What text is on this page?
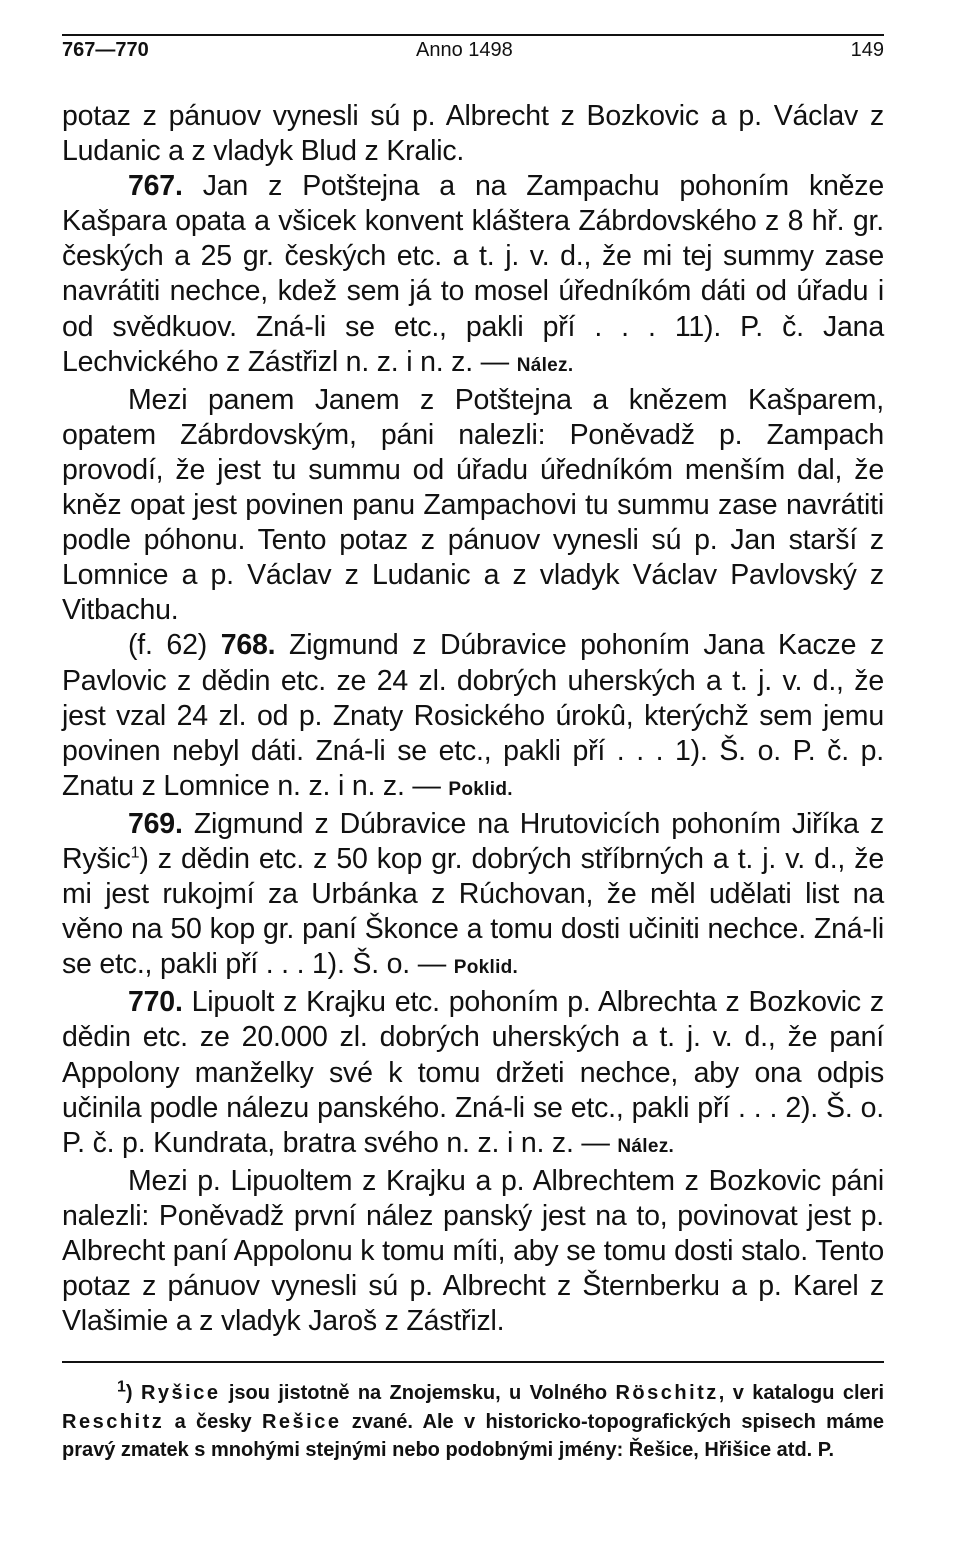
767—770	Anno 1498	149

potaz z pánuov vynesli sú p. Albrecht z Bozkovic a p. Václav z Ludanic a z vladyk Blud z Kralic.

767. Jan z Potštejna a na Zampachu pohoním kněze Kašpara opata a všicek konvent kláštera Zábrdovského z 8 hř. gr. českých a 25 gr. českých etc. a t. j. v. d., že mi tej summy zase navrátiti nechce, kdež sem já to mosel úředníkóm dáti od úřadu i od svědkuov. Zná-li se etc., pakli pří . . . 11). P. č. Jana Lechvického z Zástřizl n. z. i n. z. — Nález.

Mezi panem Janem z Potštejna a knězem Kašparem, opatem Zábrdovským, páni nalezli: Poněvadž p. Zampach provodí, že jest tu summu od úřadu úředníkóm menším dal, že kněz opat jest povinen panu Zampachovi tu summu zase navrátiti podle póhonu. Tento potaz z pánuov vynesli sú p. Jan starší z Lomnice a p. Václav z Ludanic a z vladyk Václav Pavlovský z Vitbachu.

(f. 62) 768. Zigmund z Dúbravice pohoním Jana Kacze z Pavlovic z dědin etc. ze 24 zl. dobrých uherských a t. j. v. d., že jest vzal 24 zl. od p. Znaty Rosického úrokû, kterýchž sem jemu povinen nebyl dáti. Zná-li se etc., pakli pří . . . 1). Š. o. P. č. p. Znatu z Lomnice n. z. i n. z. — Poklid.

769. Zigmund z Dúbravice na Hrutovicích pohoním Jiříka z Ryšic$^1$) z dědin etc. z 50 kop gr. dobrých stříbrných a t. j. v. d., že mi jest rukojmí za Urbánka z Rúchovan, že měl udělati list na věno na 50 kop gr. paní Škonce a tomu dosti učiniti nechce. Zná-li se etc., pakli pří . . . 1). Š. o. — Poklid.

770. Lipuolt z Krajku etc. pohoním p. Albrechta z Bozkovic z dědin etc. ze 20.000 zl. dobrých uherských a t. j. v. d., že paní Appolony manželky své k tomu držeti nechce, aby ona odpis učinila podle nálezu panského. Zná-li se etc., pakli pří . . . 2). Š. o. P. č. p. Kundrata, bratra svého n. z. i n. z. — Nález.

Mezi p. Lipuoltem z Krajku a p. Albrechtem z Bozkovic páni nalezli: Poněvadž první nález panský jest na to, povinovat jest p. Albrecht paní Appolonu k tomu míti, aby se tomu dosti stalo. Tento potaz z pánuov vynesli sú p. Albrecht z Šternberku a p. Karel z Vlašimie a z vladyk Jaroš z Zástřizl.

$^1$) Ryšice jsou jistotně na Znojemsku, u Volného Röschitz, v katalogu cleri Reschitz a česky Rešice zvané. Ale v historicko-topografických spisech máme pravý zmatek s mnohými stejnými nebo podobnými jmény: Řešice, Hřišice atd. P.
